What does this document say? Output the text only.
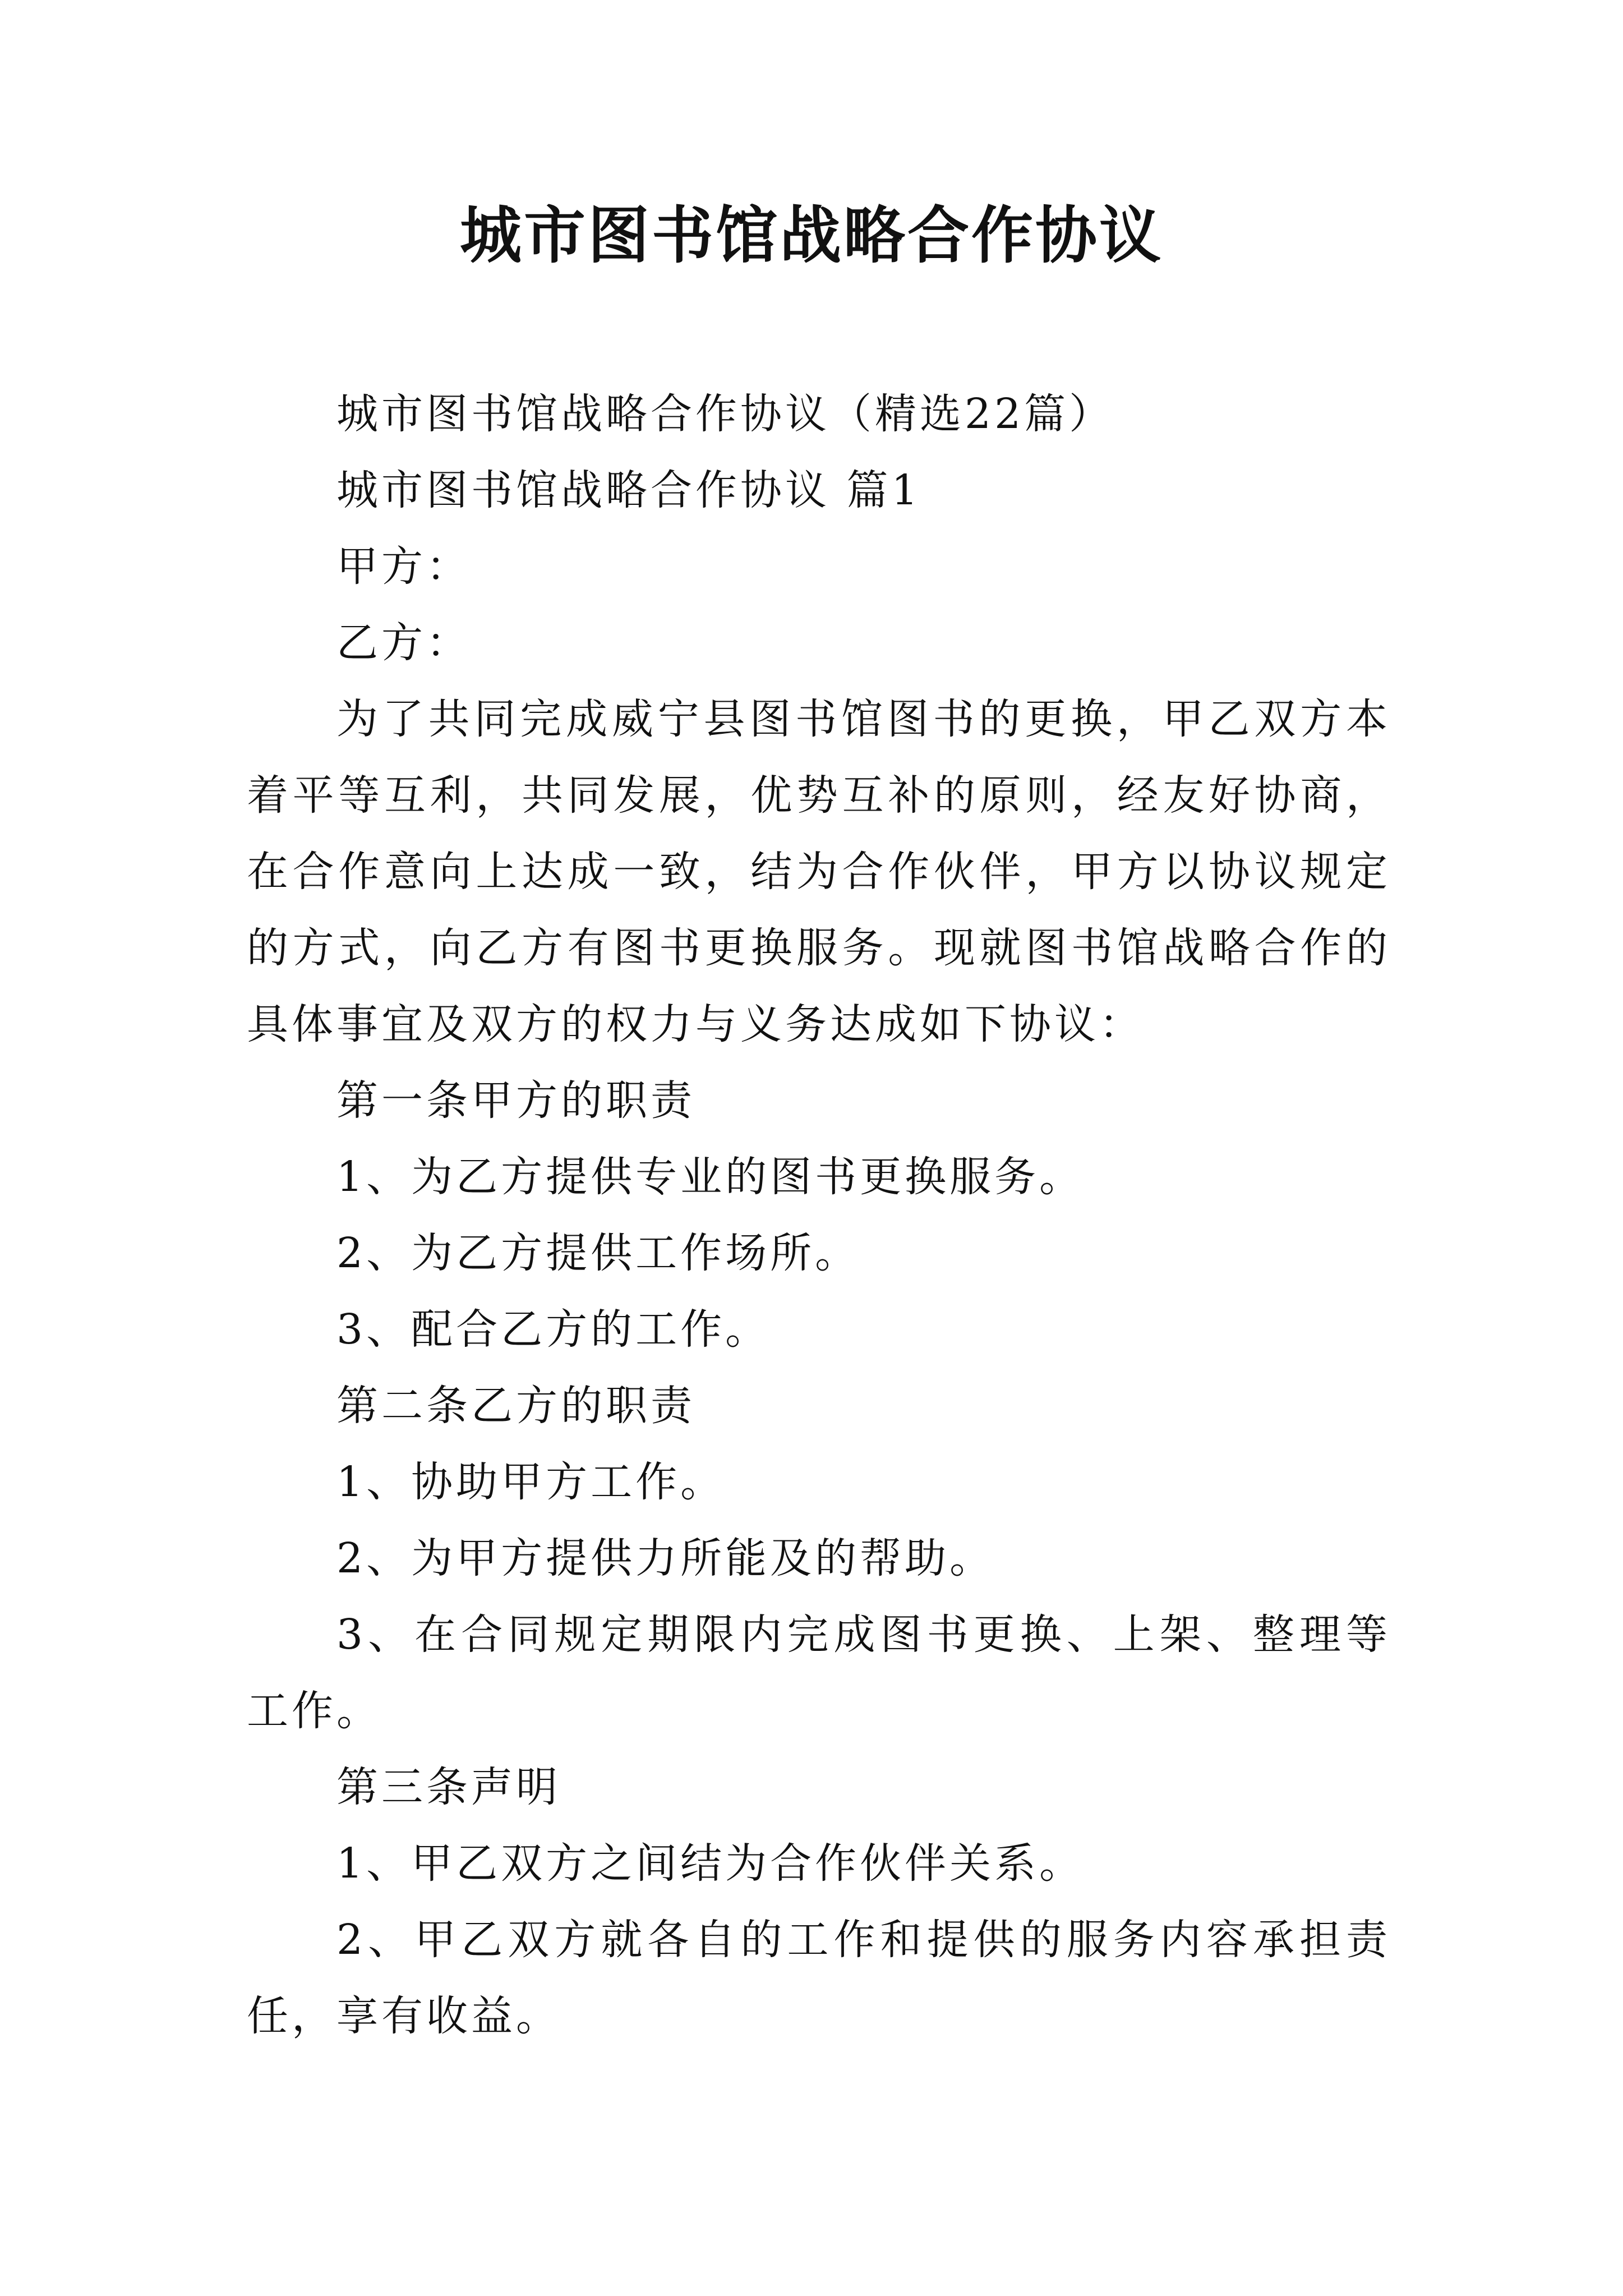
城市图书馆战略合作协议

城市图书馆战略合作协议（精选22篇）

城市图书馆战略合作协议 篇1

甲方：

乙方：

为了共同完成威宁县图书馆图书的更换，甲乙双方本着平等互利，共同发展，优势互补的原则，经友好协商，在合作意向上达成一致，结为合作伙伴，甲方以协议规定的方式，向乙方有图书更换服务。现就图书馆战略合作的具体事宜及双方的权力与义务达成如下协议：

第一条甲方的职责

1、为乙方提供专业的图书更换服务。

2、为乙方提供工作场所。

3、配合乙方的工作。

第二条乙方的职责

1、协助甲方工作。

2、为甲方提供力所能及的帮助。

3、在合同规定期限内完成图书更换、上架、整理等工作。

第三条声明

1、甲乙双方之间结为合作伙伴关系。

2、甲乙双方就各自的工作和提供的服务内容承担责任，享有收益。
